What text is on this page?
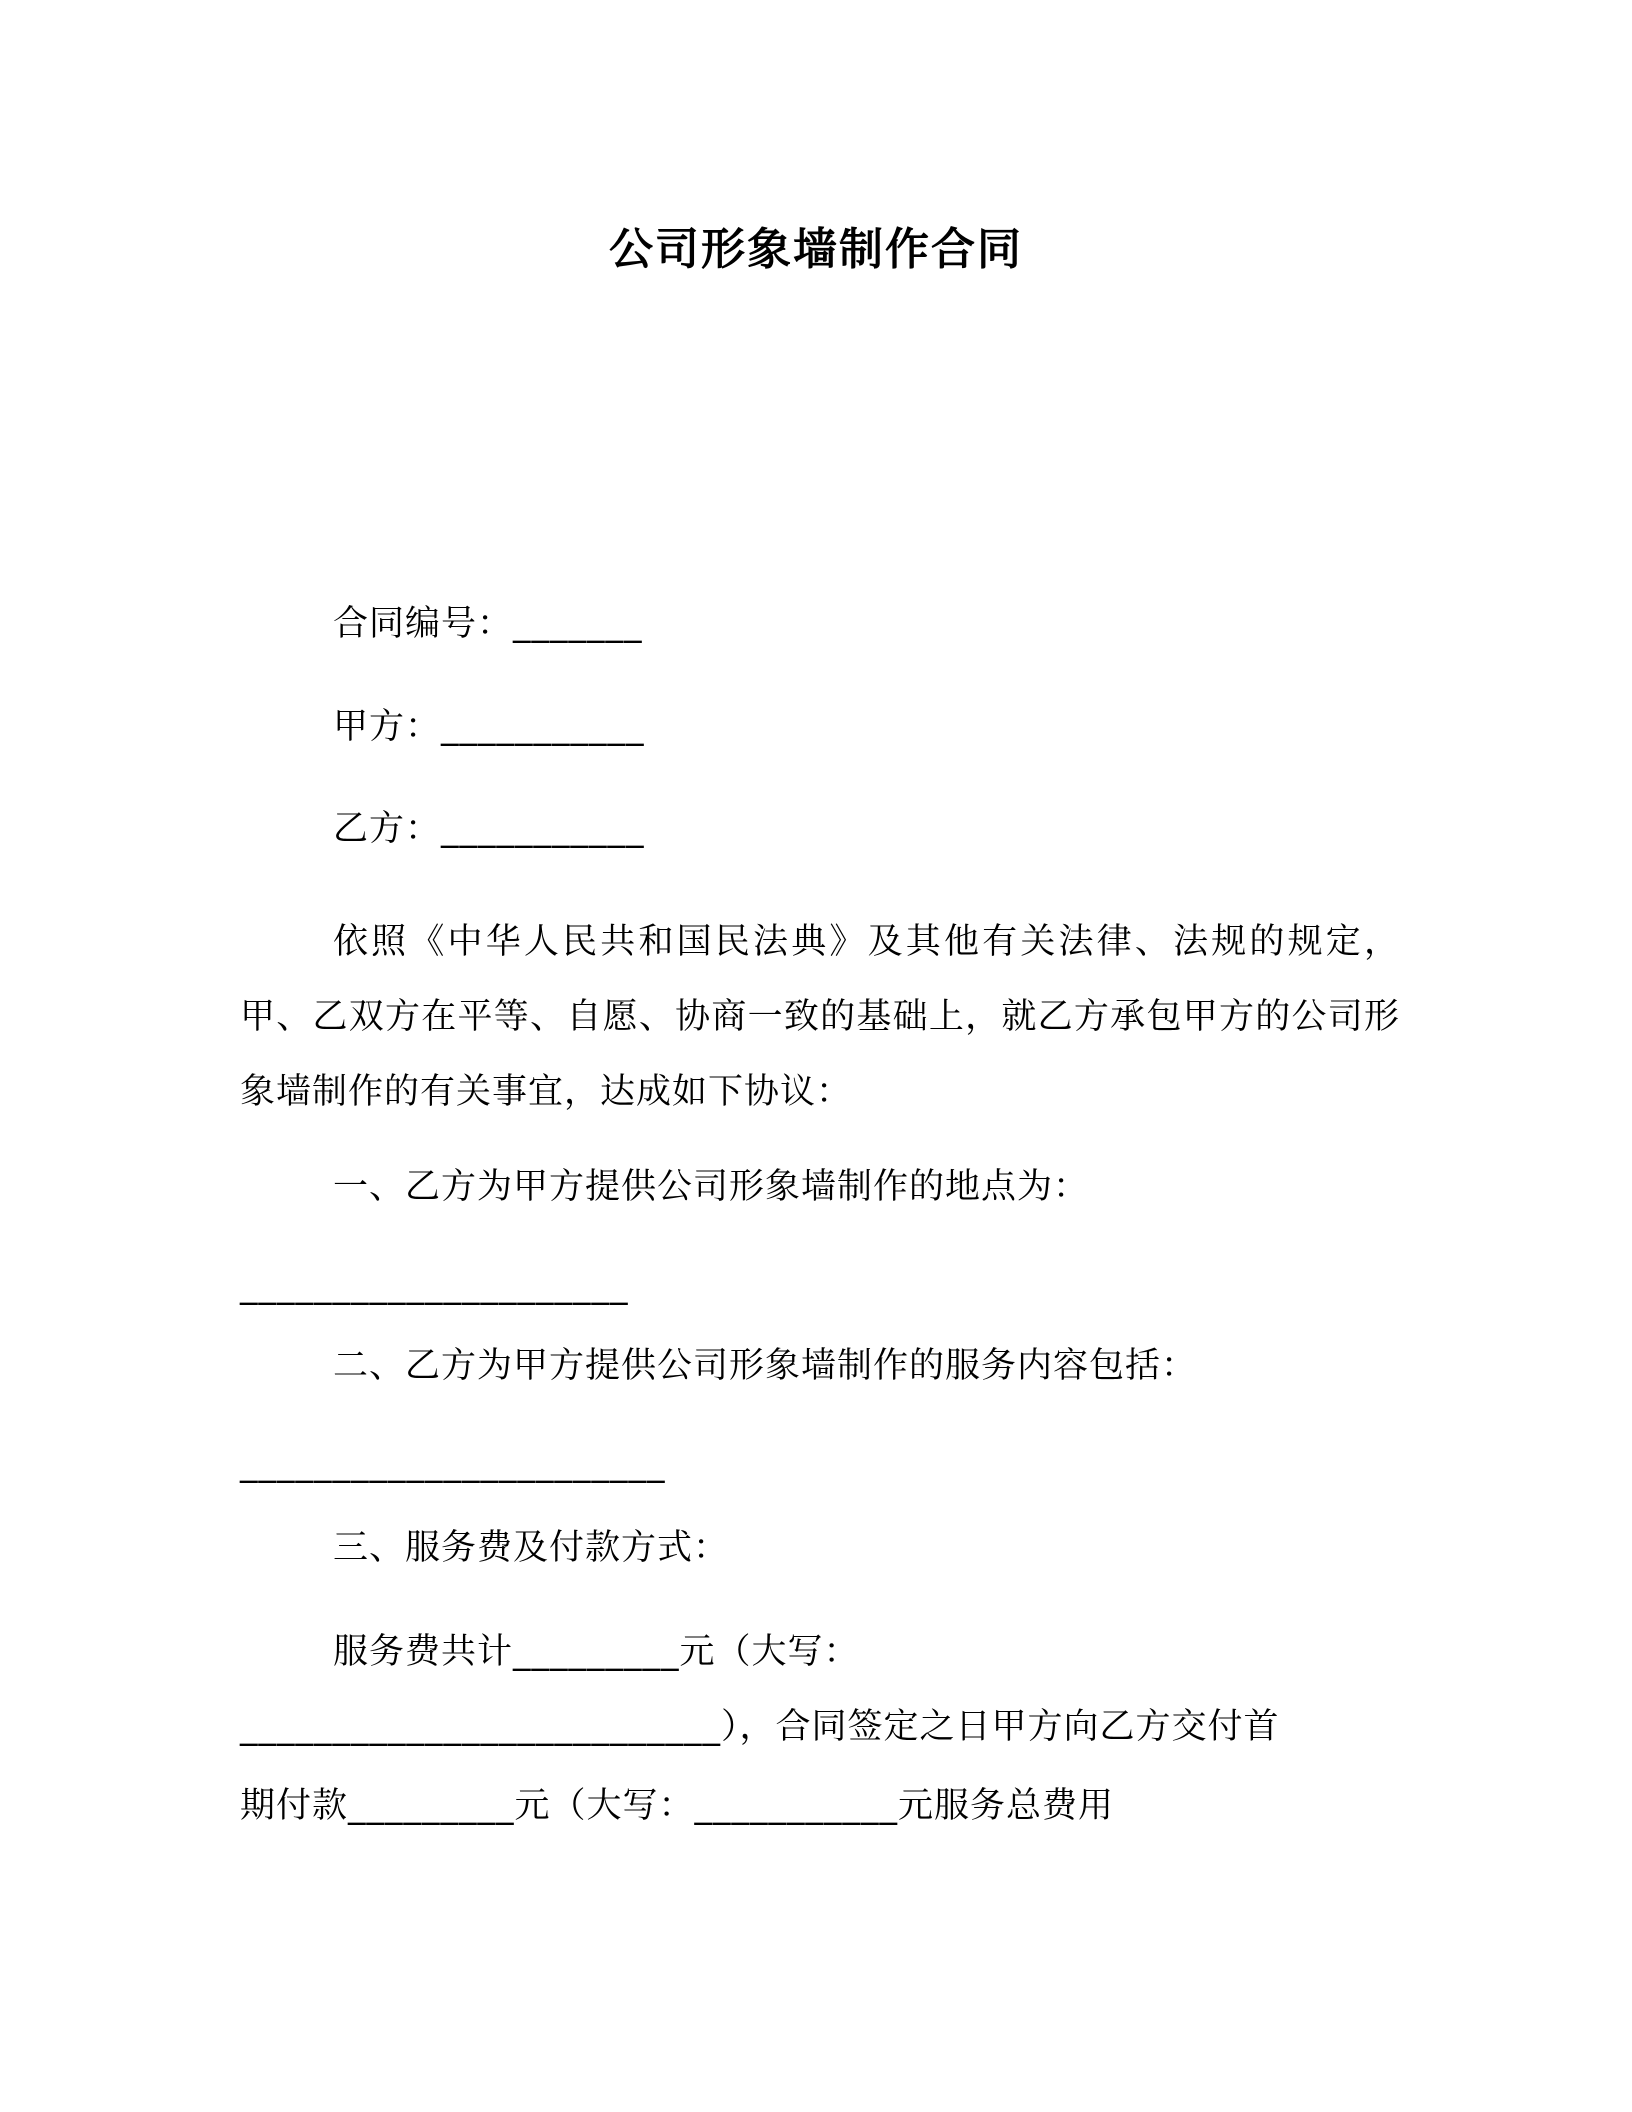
公司形象墙制作合同
合同编号：_______
甲方：___________
乙方：___________
依照《中华人民共和国民法典》及其他有关法律、法规的规定，甲、乙双方在平等、自愿、协商一致的基础上，就乙方承包甲方的公司形象墙制作的有关事宜，达成如下协议：
一、乙方为甲方提供公司形象墙制作的地点为：
_____________________
二、乙方为甲方提供公司形象墙制作的服务内容包括：
_______________________
三、服务费及付款方式：
服务费共计_________元（大写：
__________________________），合同签定之日甲方向乙方交付首
期付款_________元（大写：___________元服务总费用
